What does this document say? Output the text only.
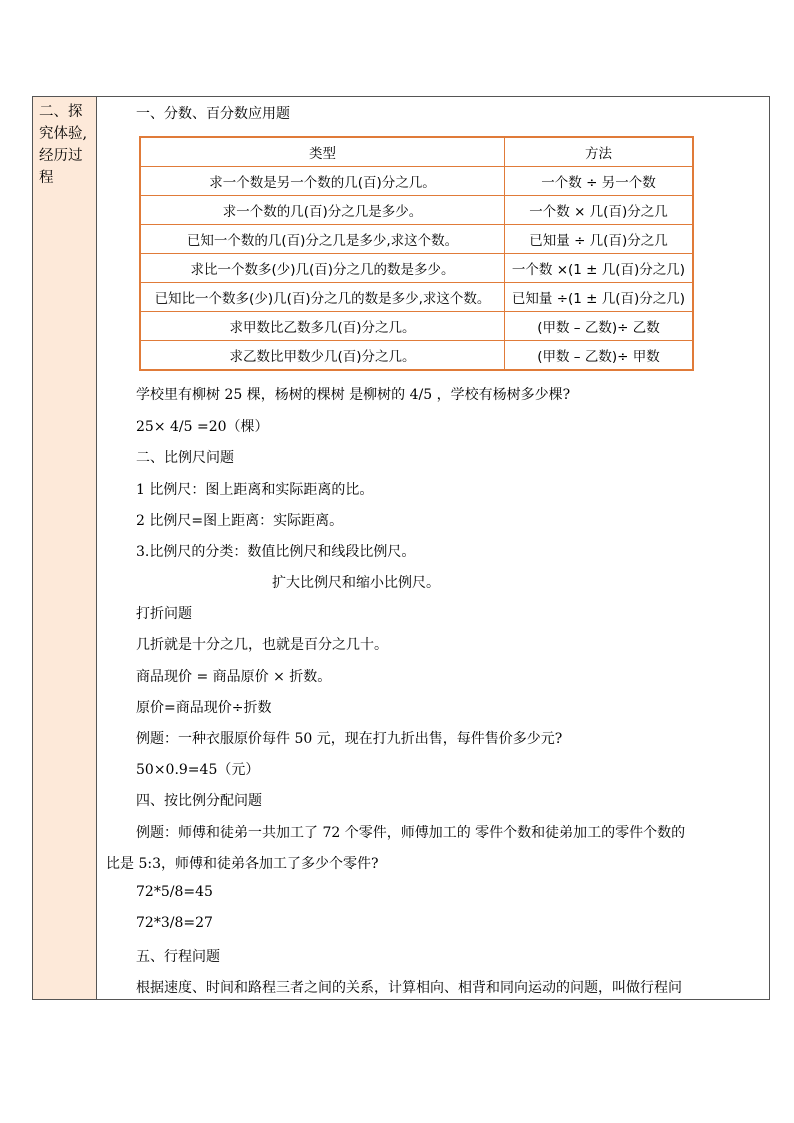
二、探
究体验,
经历过
程
一、分数、百分数应用题
类型	方法
求一个数是另一个数的几(百)分之几。	一个数 ÷ 另一个数
求一个数的几(百)分之几是多少。	一个数 × 几(百)分之几
已知一个数的几(百)分之几是多少,求这个数。	已知量 ÷ 几(百)分之几
求比一个数多(少)几(百)分之几的数是多少。	一个数 ×(1 ± 几(百)分之几)
已知比一个数多(少)几(百)分之几的数是多少,求这个数。	已知量 ÷(1 ± 几(百)分之几)
求甲数比乙数多几(百)分之几。	(甲数 – 乙数)÷ 乙数
求乙数比甲数少几(百)分之几。	(甲数 – 乙数)÷ 甲数
学校里有柳树 25 棵，杨树的棵树 是柳树的 4/5 ，学校有杨树多少棵?
25× 4/5 =20（棵）
二、比例尺问题
1 比例尺：图上距离和实际距离的比。
2 比例尺=图上距离：实际距离。
3.比例尺的分类：数值比例尺和线段比例尺。
扩大比例尺和缩小比例尺。
打折问题
几折就是十分之几，也就是百分之几十。
商品现价 = 商品原价 × 折数。
原价=商品现价÷折数
例题：一种衣服原价每件 50 元，现在打九折出售，每件售价多少元?
50×0.9=45（元）
四、按比例分配问题
例题：师傅和徒弟一共加工了 72 个零件，师傅加工的 零件个数和徒弟加工的零件个数的
比是 5:3，师傅和徒弟各加工了多少个零件?
72*5/8=45
72*3/8=27
五、行程问题
根据速度、时间和路程三者之间的关系，计算相向、相背和同向运动的问题，叫做行程问
